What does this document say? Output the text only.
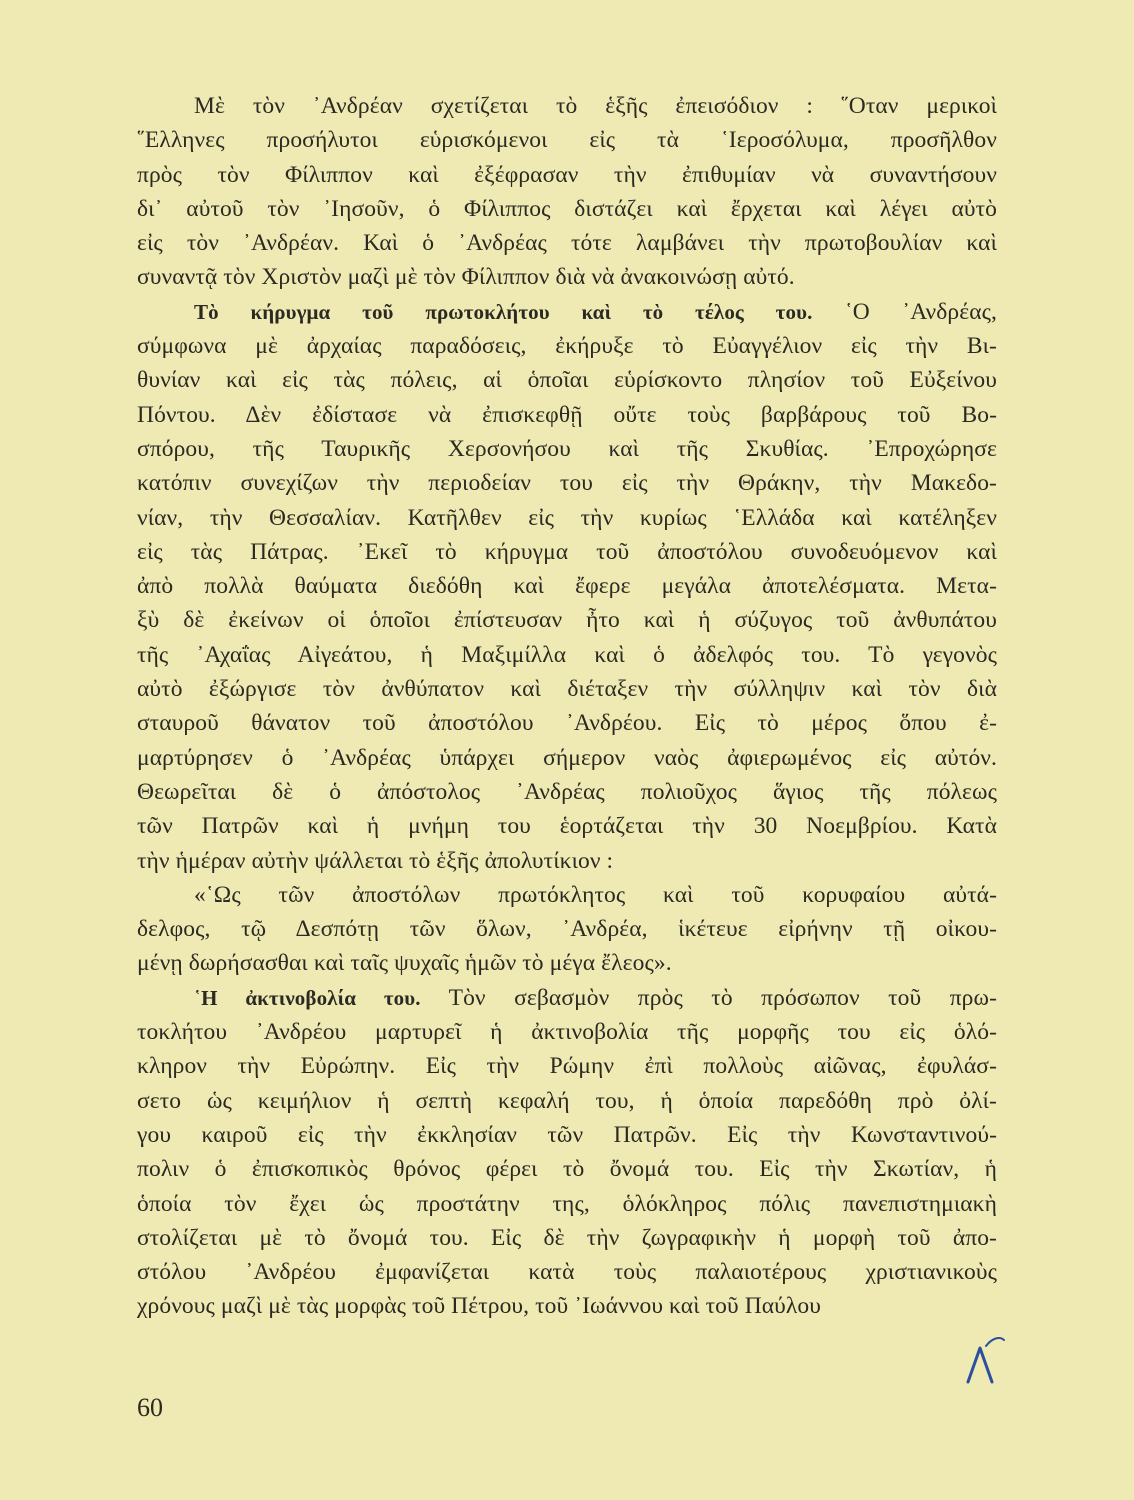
Μὲ τὸν ᾿Ανδρέαν σχετίζεται τὸ ἑξῆς ἐπεισόδιον : ῞Οταν μερικοὶ
῞Ελληνες προσήλυτοι εὑρισκόμενοι εἰς τὰ ῾Ιεροσόλυμα, προσῆλθον
πρὸς τὸν Φίλιππον καὶ ἐξέφρασαν τὴν ἐπιθυμίαν νὰ συναντήσουν
δι᾿ αὐτοῦ τὸν ᾿Ιησοῦν, ὁ Φίλιππος διστάζει καὶ ἔρχεται καὶ λέγει αὐτὸ
εἰς τὸν ᾿Ανδρέαν. Καὶ ὁ ᾿Ανδρέας τότε λαμβάνει τὴν πρωτοβουλίαν καὶ
συναντᾷ τὸν Χριστὸν μαζὶ μὲ τὸν Φίλιππον διὰ νὰ ἀνακοινώσῃ αὐτό.
Τὸ κήρυγμα τοῦ πρωτοκλήτου καὶ τὸ τέλος του. ῾Ο ᾿Ανδρέας,
σύμφωνα μὲ ἀρχαίας παραδόσεις, ἐκήρυξε τὸ Εὐαγγέλιον εἰς τὴν Βι-
θυνίαν καὶ εἰς τὰς πόλεις, αἱ ὁποῖαι εὑρίσκοντο πλησίον τοῦ Εὐξείνου
Πόντου. Δὲν ἐδίστασε νὰ ἐπισκεφθῇ οὔτε τοὺς βαρβάρους τοῦ Βο-
σπόρου, τῆς Ταυρικῆς Χερσονήσου καὶ τῆς Σκυθίας. ᾿Επροχώρησε
κατόπιν συνεχίζων τὴν περιοδείαν του εἰς τὴν Θράκην, τὴν Μακεδο-
νίαν, τὴν Θεσσαλίαν. Κατῆλθεν εἰς τὴν κυρίως ῾Ελλάδα καὶ κατέληξεν
εἰς τὰς Πάτρας. ᾿Εκεῖ τὸ κήρυγμα τοῦ ἀποστόλου συνοδευόμενον καὶ
ἀπὸ πολλὰ θαύματα διεδόθη καὶ ἔφερε μεγάλα ἀποτελέσματα. Μετα-
ξὺ δὲ ἐκείνων οἱ ὁποῖοι ἐπίστευσαν ἦτο καὶ ἡ σύζυγος τοῦ ἀνθυπάτου
τῆς ᾿Αχαΐας Αἰγεάτου, ἡ Μαξιμίλλα καὶ ὁ ἀδελφός του. Τὸ γεγονὸς
αὐτὸ ἐξώργισε τὸν ἀνθύπατον καὶ διέταξεν τὴν σύλληψιν καὶ τὸν διὰ
σταυροῦ θάνατον τοῦ ἀποστόλου ᾿Ανδρέου. Εἰς τὸ μέρος ὅπου ἐ-
μαρτύρησεν ὁ ᾿Ανδρέας ὑπάρχει σήμερον ναὸς ἀφιερωμένος εἰς αὐτόν.
Θεωρεῖται δὲ ὁ ἀπόστολος ᾿Ανδρέας πολιοῦχος ἅγιος τῆς πόλεως
τῶν Πατρῶν καὶ ἡ μνήμη του ἑορτάζεται τὴν 30 Νοεμβρίου. Κατὰ
τὴν ἡμέραν αὐτὴν ψάλλεται τὸ ἑξῆς ἀπολυτίκιον :
«῾Ως τῶν ἀποστόλων πρωτόκλητος καὶ τοῦ κορυφαίου αὐτά-
δελφος, τῷ Δεσπότῃ τῶν ὅλων, ᾿Ανδρέα, ἱκέτευε εἰρήνην τῇ οἰκου-
μένῃ δωρήσασθαι καὶ ταῖς ψυχαῖς ἡμῶν τὸ μέγα ἔλεος».
῾Η ἀκτινοβολία του. Τὸν σεβασμὸν πρὸς τὸ πρόσωπον τοῦ πρω-
τοκλήτου ᾿Ανδρέου μαρτυρεῖ ἡ ἀκτινοβολία τῆς μορφῆς του εἰς ὁλό-
κληρον τὴν Εὐρώπην. Εἰς τὴν Ρώμην ἐπὶ πολλοὺς αἰῶνας, ἐφυλάσ-
σετο ὡς κειμήλιον ἡ σεπτὴ κεφαλή του, ἡ ὁποία παρεδόθη πρὸ ὀλί-
γου καιροῦ εἰς τὴν ἐκκλησίαν τῶν Πατρῶν. Εἰς τὴν Κωνσταντινού-
πολιν ὁ ἐπισκοπικὸς θρόνος φέρει τὸ ὄνομά του. Εἰς τὴν Σκωτίαν, ἡ
ὁποία τὸν ἔχει ὡς προστάτην της, ὁλόκληρος πόλις πανεπιστημιακὴ
στολίζεται μὲ τὸ ὄνομά του. Εἰς δὲ τὴν ζωγραφικὴν ἡ μορφὴ τοῦ ἀπο-
στόλου ᾿Ανδρέου ἐμφανίζεται κατὰ τοὺς παλαιοτέρους χριστιανικοὺς
χρόνους μαζὶ μὲ τὰς μορφὰς τοῦ Πέτρου, τοῦ ᾿Ιωάννου καὶ τοῦ Παύλου
60
